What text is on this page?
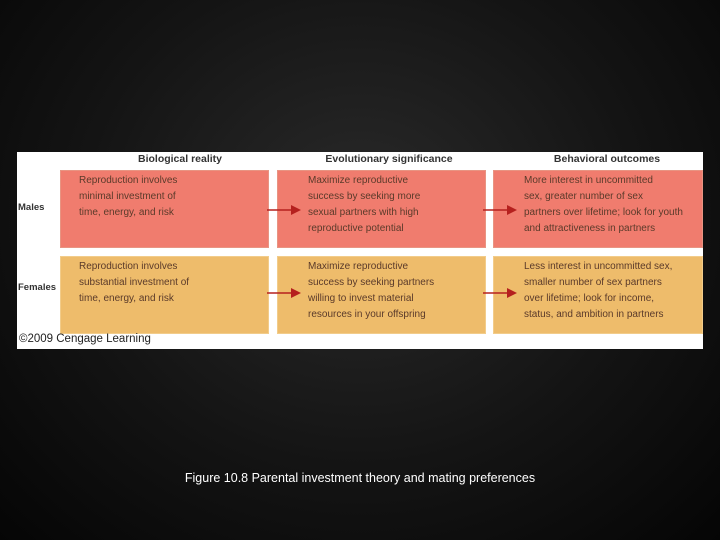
Biological reality	Evolutionary significance	Behavioral outcomes
Males
Females
Reproduction involves
minimal investment of
time, energy, and risk
Maximize reproductive
success by seeking more
sexual partners with high
reproductive potential
More interest in uncommitted
sex, greater number of sex
partners over lifetime; look for youth
and attractiveness in partners
Reproduction involves
substantial investment of
time, energy, and risk
Maximize reproductive
success by seeking partners
willing to invest material
resources in your offspring
Less interest in uncommitted sex,
smaller number of sex partners
over lifetime; look for income,
status, and ambition in partners
©2009 Cengage Learning
Figure 10.8 Parental investment theory and mating preferences
